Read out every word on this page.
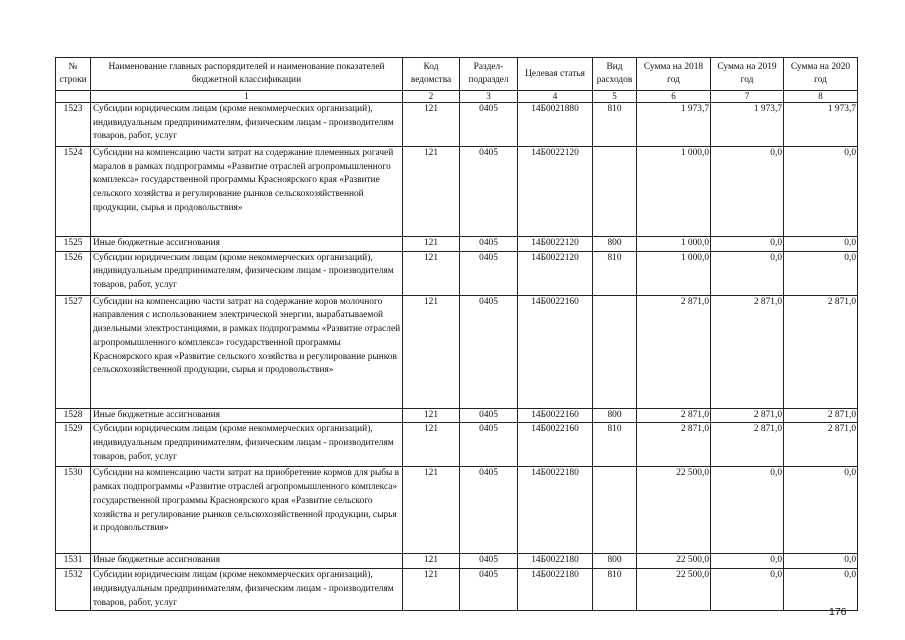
№ строки	Наименование главных распорядителей и наименование показателей бюджетной классификации	Код ведомства	Раздел-подраздел	Целевая статья	Вид расходов	Сумма на 2018 год	Сумма на 2019 год	Сумма на 2020 год
	1	2	3	4	5	6	7	8
1523	Субсидии юридическим лицам (кроме некоммерческих организаций), индивидуальным предпринимателям, физическим лицам - производителям товаров, работ, услуг	121	0405	14Б0021880	810	1 973,7	1 973,7	1 973,7
1524	Субсидии на компенсацию части затрат на содержание племенных рогачей маралов в рамках подпрограммы «Развитие отраслей агропромышленного комплекса» государственной программы Красноярского края «Развитие сельского хозяйства и регулирование рынков сельскохозяйственной продукции, сырья и продовольствия»	121	0405	14Б0022120		1 000,0	0,0	0,0
1525	Иные бюджетные ассигнования	121	0405	14Б0022120	800	1 000,0	0,0	0,0
1526	Субсидии юридическим лицам (кроме некоммерческих организаций), индивидуальным предпринимателям, физическим лицам - производителям товаров, работ, услуг	121	0405	14Б0022120	810	1 000,0	0,0	0,0
1527	Субсидии на компенсацию части затрат на содержание коров молочного направления с использованием электрической энергии, вырабатываемой дизельными электростанциями, в рамках подпрограммы «Развитие отраслей агропромышленного комплекса» государственной программы Красноярского края «Развитие сельского хозяйства и регулирование рынков сельскохозяйственной продукции, сырья и продовольствия»	121	0405	14Б0022160		2 871,0	2 871,0	2 871,0
1528	Иные бюджетные ассигнования	121	0405	14Б0022160	800	2 871,0	2 871,0	2 871,0
1529	Субсидии юридическим лицам (кроме некоммерческих организаций), индивидуальным предпринимателям, физическим лицам - производителям товаров, работ, услуг	121	0405	14Б0022160	810	2 871,0	2 871,0	2 871,0
1530	Субсидии на компенсацию части затрат на приобретение кормов для рыбы в рамках подпрограммы «Развитие отраслей агропромышленного комплекса» государственной программы Красноярского края «Развитие сельского хозяйства и регулирование рынков сельскохозяйственной продукции, сырья и продовольствия»	121	0405	14Б0022180		22 500,0	0,0	0,0
1531	Иные бюджетные ассигнования	121	0405	14Б0022180	800	22 500,0	0,0	0,0
1532	Субсидии юридическим лицам (кроме некоммерческих организаций), индивидуальным предпринимателям, физическим лицам - производителям товаров, работ, услуг	121	0405	14Б0022180	810	22 500,0	0,0	0,0
176
